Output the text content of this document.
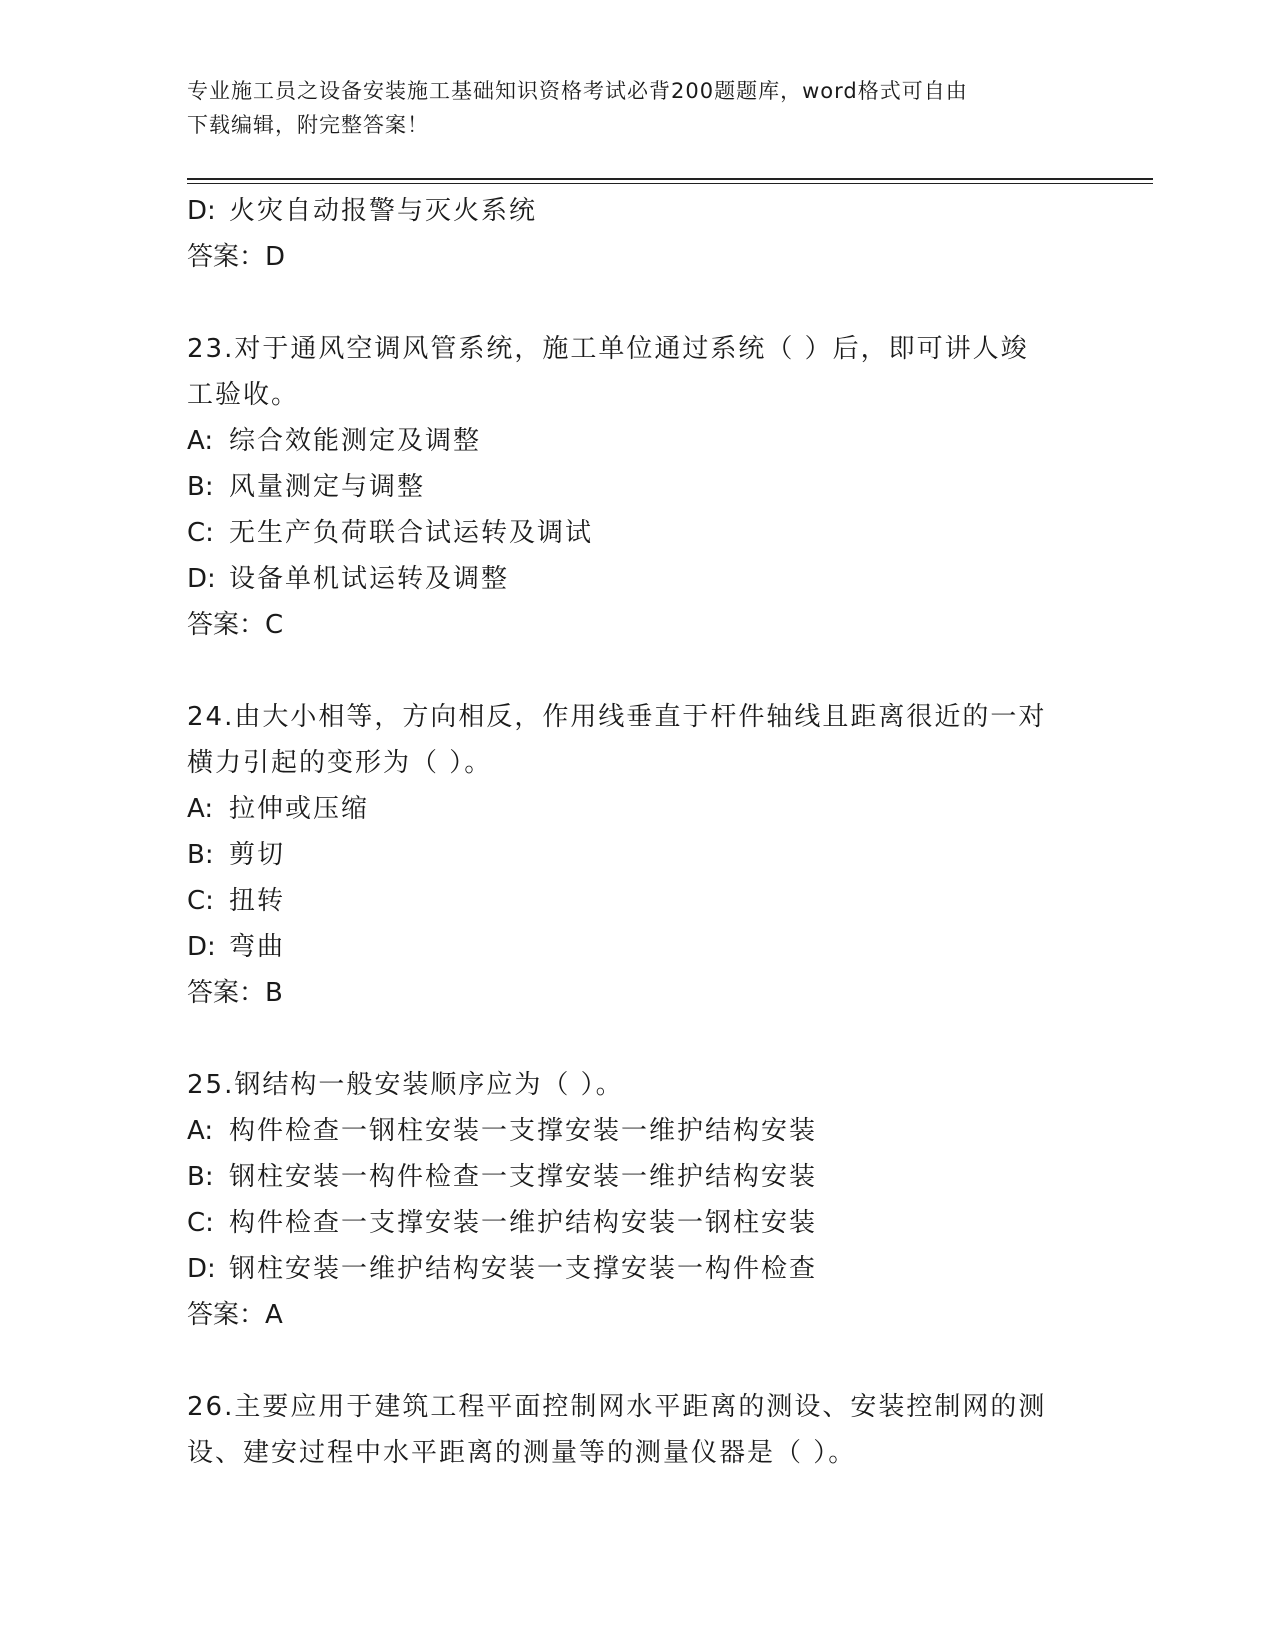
专业施工员之设备安装施工基础知识资格考试必背200题题库，word格式可自由
下载编辑，附完整答案！
D: 火灾自动报警与灭火系统
答案：D
23.对于通风空调风管系统，施工单位通过系统（ ）后，即可讲人竣
工验收。
A: 综合效能测定及调整
B: 风量测定与调整
C: 无生产负荷联合试运转及调试
D: 设备单机试运转及调整
答案：C
24.由大小相等，方向相反，作用线垂直于杆件轴线且距离很近的一对
横力引起的变形为（ ）。
A: 拉伸或压缩
B: 剪切
C: 扭转
D: 弯曲
答案：B
25.钢结构一般安装顺序应为（ ）。
A: 构件检查一钢柱安装一支撑安装一维护结构安装
B: 钢柱安装一构件检查一支撑安装一维护结构安装
C: 构件检查一支撑安装一维护结构安装一钢柱安装
D: 钢柱安装一维护结构安装一支撑安装一构件检查
答案：A
26.主要应用于建筑工程平面控制网水平距离的测设、安装控制网的测
设、建安过程中水平距离的测量等的测量仪器是（ ）。
